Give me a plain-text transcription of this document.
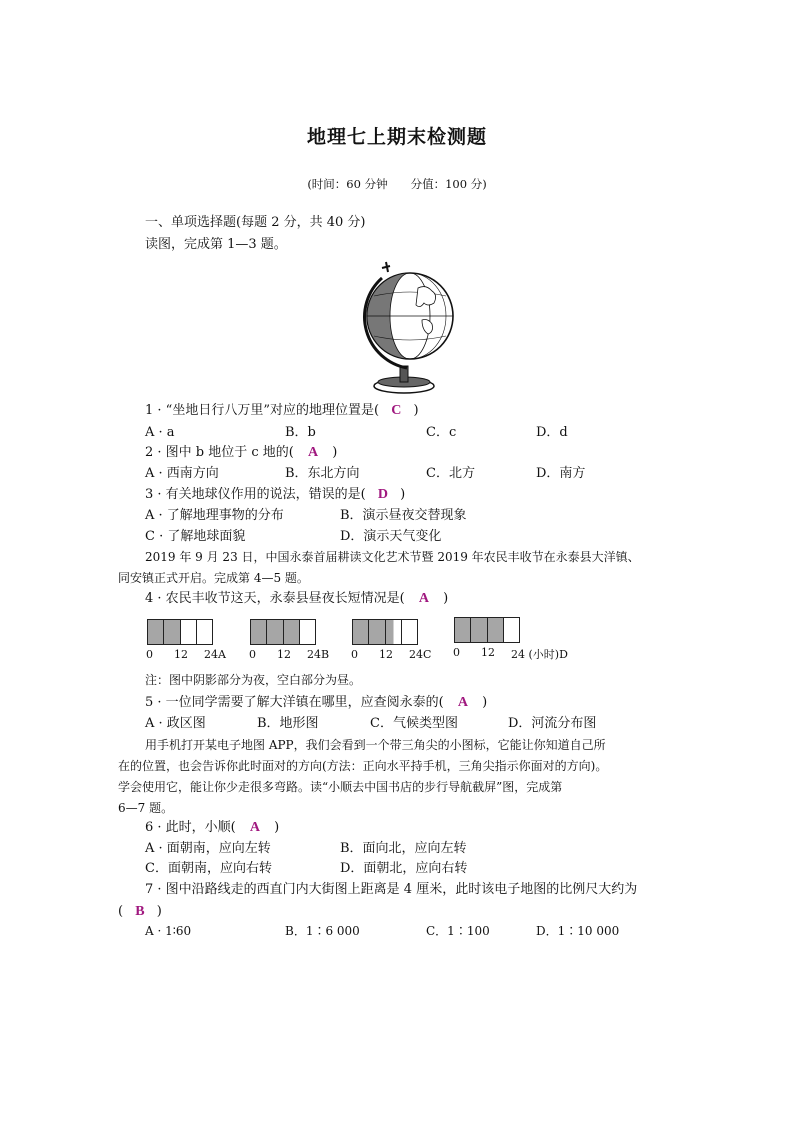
地理七上期末检测题
(时间：60 分钟　　分值：100 分)
一、单项选择题(每题 2 分，共 40 分)
读图，完成第 1—3 题。
1 · “坐地日行八万里”对应的地理位置是( C )
A · a	B．b	C．c	D．d
2 · 图中 b 地位于 c 地的( A )
A · 西南方向	B．东北方向	C．北方	D．南方
3 · 有关地球仪作用的说法，错误的是( D )
A · 了解地理事物的分布	B．演示昼夜交替现象
C · 了解地球面貌	D．演示天气变化
2019 年 9 月 23 日，中国永泰首届耕读文化艺术节暨 2019 年农民丰收节在永泰县大洋镇、
同安镇正式开启。完成第 4—5 题。
4 · 农民丰收节这天，永泰县昼夜长短情况是( A )
0 12 24A 0 12 24B 0 12 24C 0 12 24 (小时)D
注：图中阴影部分为夜，空白部分为昼。
5 · 一位同学需要了解大洋镇在哪里，应查阅永泰的( A )
A · 政区图	B．地形图	C．气候类型图	D．河流分布图
用手机打开某电子地图 APP，我们会看到一个带三角尖的小图标，它能让你知道自己所
在的位置，也会告诉你此时面对的方向(方法：正向水平持手机，三角尖指示你面对的方向)。
学会使用它，能让你少走很多弯路。读“小顺去中国书店的步行导航截屏”图，完成第
6—7 题。
6 · 此时，小顺( A )
A · 面朝南，应向左转	B．面向北，应向左转
C．面朝南，应向右转	D．面朝北，应向右转
7 · 图中沿路线走的西直门内大街图上距离是 4 厘米，此时该电子地图的比例尺大约为
( B )
A · 1∶60	B．1∶6 000	C．1∶100	D．1∶10 000
